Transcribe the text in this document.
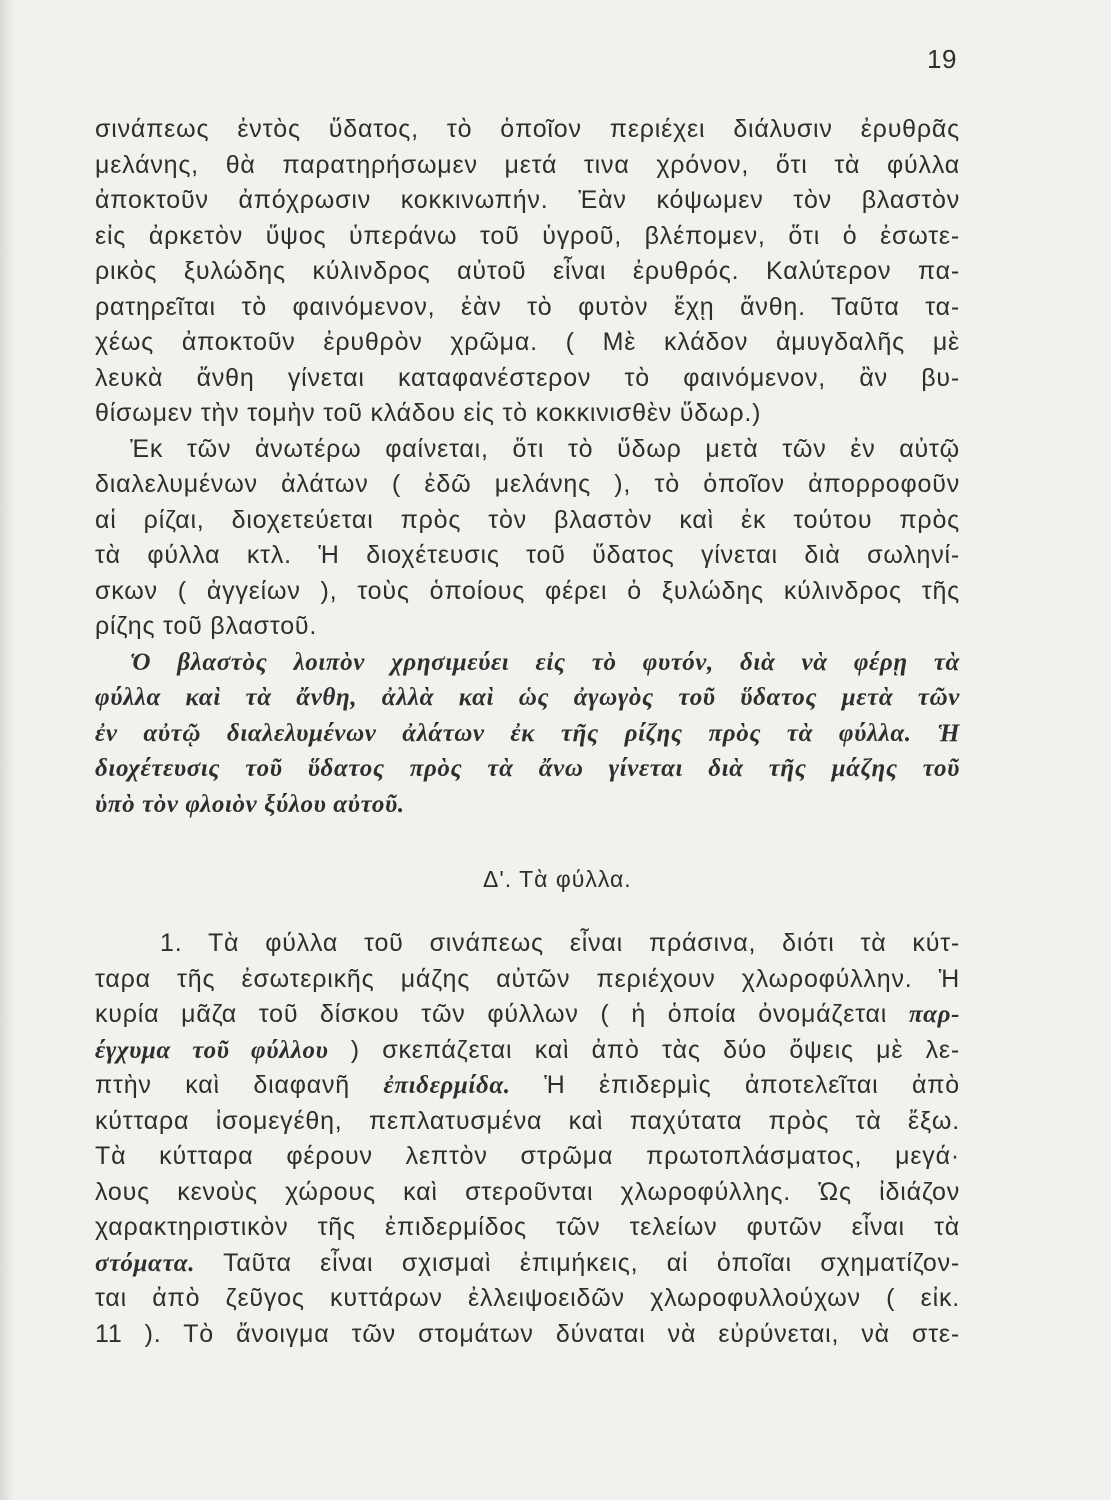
19
σινάπεως ἐντὸς ὕδατος, τὸ ὁποῖον περιέχει διάλυσιν ἐρυθρᾶς
μελάνης, θὰ παρατηρήσωμεν μετά τινα χρόνον, ὅτι τὰ φύλλα
ἀποκτοῦν ἀπόχρωσιν κοκκινωπήν. Ἐὰν κόψωμεν τὸν βλαστὸν
εἰς ἀρκετὸν ὕψος ὑπεράνω τοῦ ὑγροῦ, βλέπομεν, ὅτι ὁ ἐσωτε-
ρικὸς ξυλώδης κύλινδρος αὐτοῦ εἶναι ἐρυθρός. Καλύτερον πα-
ρατηρεῖται τὸ φαινόμενον, ἐὰν τὸ φυτὸν ἔχῃ ἄνθη. Ταῦτα τα-
χέως ἀποκτοῦν ἐρυθρὸν χρῶμα. ( Μὲ κλάδον ἀμυγδαλῆς μὲ
λευκὰ ἄνθη γίνεται καταφανέστερον τὸ φαινόμενον, ἂν βυ-
θίσωμεν τὴν τομὴν τοῦ κλάδου εἰς τὸ κοκκινισθὲν ὕδωρ.)
Ἐκ τῶν ἀνωτέρω φαίνεται, ὅτι τὸ ὕδωρ μετὰ τῶν ἐν αὐτῷ
διαλελυμένων ἀλάτων ( ἐδῶ μελάνης ), τὸ ὁποῖον ἀπορροφοῦν
αἱ ρίζαι, διοχετεύεται πρὸς τὸν βλαστὸν καὶ ἐκ τούτου πρὸς
τὰ φύλλα κτλ. Ἡ διοχέτευσις τοῦ ὕδατος γίνεται διὰ σωληνί-
σκων ( ἀγγείων ), τοὺς ὁποίους φέρει ὁ ξυλώδης κύλινδρος τῆς
ρίζης τοῦ βλαστοῦ.
Ὁ βλαστὸς λοιπὸν χρησιμεύει εἰς τὸ φυτόν, διὰ νὰ φέρῃ τὰ
φύλλα καὶ τὰ ἄνθη, ἀλλὰ καὶ ὡς ἀγωγὸς τοῦ ὕδατος μετὰ τῶν
ἐν αὐτῷ διαλελυμένων ἀλάτων ἐκ τῆς ρίζης πρὸς τὰ φύλλα. Ἡ
διοχέτευσις τοῦ ὕδατος πρὸς τὰ ἄνω γίνεται διὰ τῆς μάζης τοῦ
ὑπὸ τὸν φλοιὸν ξύλου αὐτοῦ.
Δ'. Τὰ φύλλα.
1. Τὰ φύλλα τοῦ σινάπεως εἶναι πράσινα, διότι τὰ κύτ-
ταρα τῆς ἐσωτερικῆς μάζης αὐτῶν περιέχουν χλωροφύλλην. Ἡ
κυρία μᾶζα τοῦ δίσκου τῶν φύλλων ( ἡ ὁποία ὀνομάζεται παρ-
έγχυμα τοῦ φύλλου ) σκεπάζεται καὶ ἀπὸ τὰς δύο ὄψεις μὲ λε-
πτὴν καὶ διαφανῆ ἐπιδερμίδα. Ἡ ἐπιδερμὶς ἀποτελεῖται ἀπὸ
κύτταρα ἰσομεγέθη, πεπλατυσμένα καὶ παχύτατα πρὸς τὰ ἔξω.
Τὰ κύτταρα φέρουν λεπτὸν στρῶμα πρωτοπλάσματος, μεγά·
λους κενοὺς χώρους καὶ στεροῦνται χλωροφύλλης. Ὡς ἰδιάζον
χαρακτηριστικὸν τῆς ἐπιδερμίδος τῶν τελείων φυτῶν εἶναι τὰ
στόματα. Ταῦτα εἶναι σχισμαὶ ἐπιμήκεις, αἱ ὁποῖαι σχηματίζον-
ται ἀπὸ ζεῦγος κυττάρων ἐλλειψοειδῶν χλωροφυλλούχων ( εἰκ.
11 ). Τὸ ἄνοιγμα τῶν στομάτων δύναται νὰ εὐρύνεται, νὰ στε-
